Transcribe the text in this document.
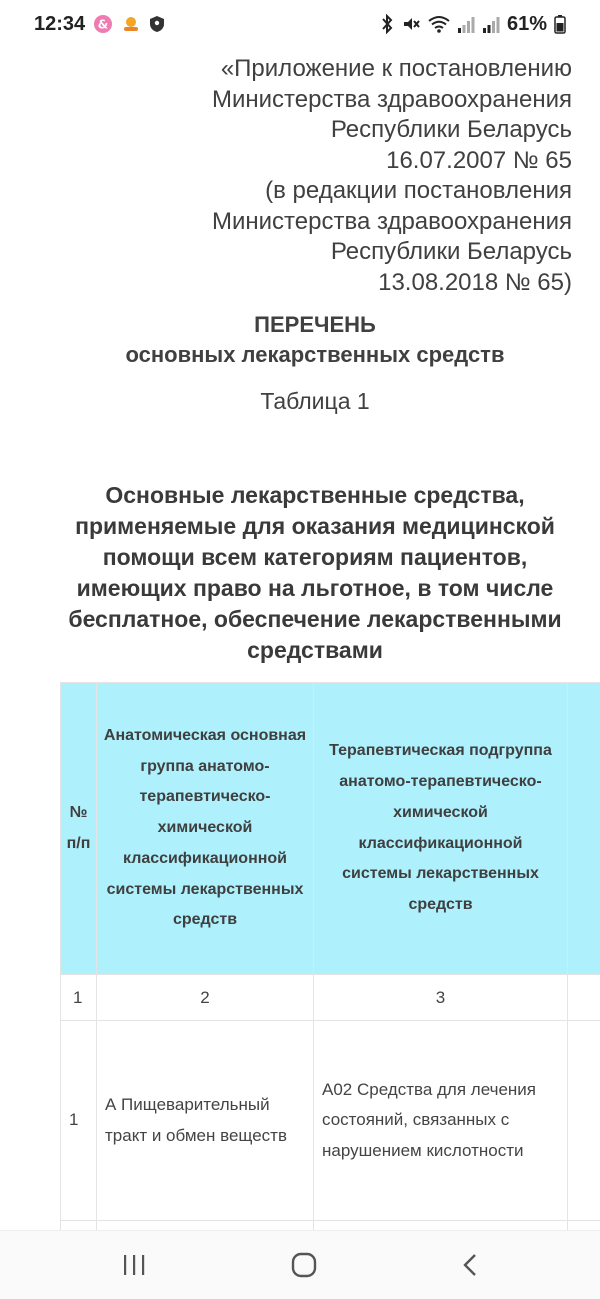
12:34 &	61%
«Приложение к постановлению
Министерства здравоохранения
Республики Беларусь
16.07.2007 № 65
(в редакции постановления
Министерства здравоохранения
Республики Беларусь
13.08.2018 № 65)
ПЕРЕЧЕНЬ
основных лекарственных средств
Таблица 1
Основные лекарственные средства, применяемые для оказания медицинской помощи всем категориям пациентов, имеющих право на льготное, в том числе бесплатное, обеспечение лекарственными средствами
№ п/п	Анатомическая основная группа анатомо-терапевтическо-химической классификационной системы лекарственных средств	Терапевтическая подгруппа анатомо-терапевтическо-химической классификационной системы лекарственных средств	
1	2	3	
1	А Пищеварительный тракт и обмен веществ	А02 Средства для лечения состояний, связанных с нарушением кислотности	
